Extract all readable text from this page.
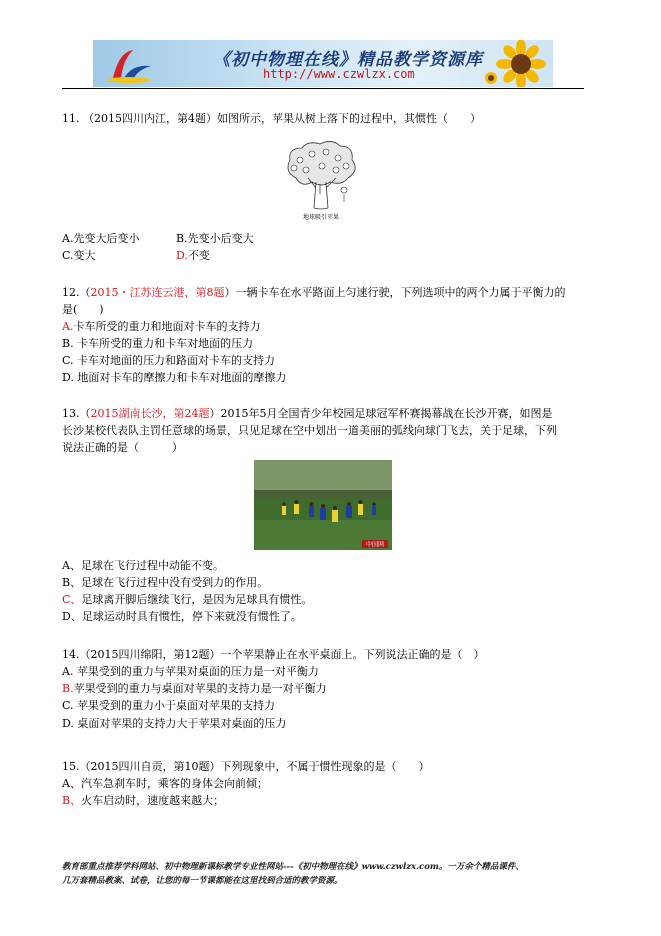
《初中物理在线》精品教学资源库
http://www.czwlzx.com
11. （2015四川内江，第4题）如图所示，苹果从树上落下的过程中，其惯性（　　）
地球吸引苹果
A.先变大后变小	B.先变小后变大
C.变大	D.不变
12.（2015・江苏连云港，第8题）一辆卡车在水平路面上匀速行驶，下列选项中的两个力属于平衡力的
是(　　)
A.卡车所受的重力和地面对卡车的支持力
B. 卡车所受的重力和卡车对地面的压力
C. 卡车对地面的压力和路面对卡车的支持力
D. 地面对卡车的摩擦力和卡车对地面的摩擦力
13.（2015湖南长沙，第24题）2015年5月全国青少年校园足球冠军杯赛揭幕战在长沙开赛，如图是
长沙某校代表队主罚任意球的场景，只见足球在空中划出一道美丽的弧线向球门飞去，关于足球，下列
说法正确的是（　　　）
中国网
A、足球在飞行过程中动能不变。
B、足球在飞行过程中没有受到力的作用。
C、足球离开脚后继续飞行，是因为足球具有惯性。
D、足球运动时具有惯性，停下来就没有惯性了。
14.（2015四川绵阳，第12题）一个苹果静止在水平桌面上。下列说法正确的是（　）
A. 苹果受到的重力与苹果对桌面的压力是一对平衡力
B.苹果受到的重力与桌面对苹果的支持力是一对平衡力
C. 苹果受到的重力小于桌面对苹果的支持力
D. 桌面对苹果的支持力大于苹果对桌面的压力
15.（2015四川自贡，第10题）下列现象中，不属于惯性现象的是（　　）
A、汽车急刹车时，乘客的身体会向前倾；
B、火车启动时，速度越来越大；
教育部重点推荐学科网站、初中物理新课标教学专业性网站---《初中物理在线》www.czwlzx.com。一万余个精品课件、
几万套精品教案、试卷，让您的每一节课都能在这里找到合适的教学资源。
